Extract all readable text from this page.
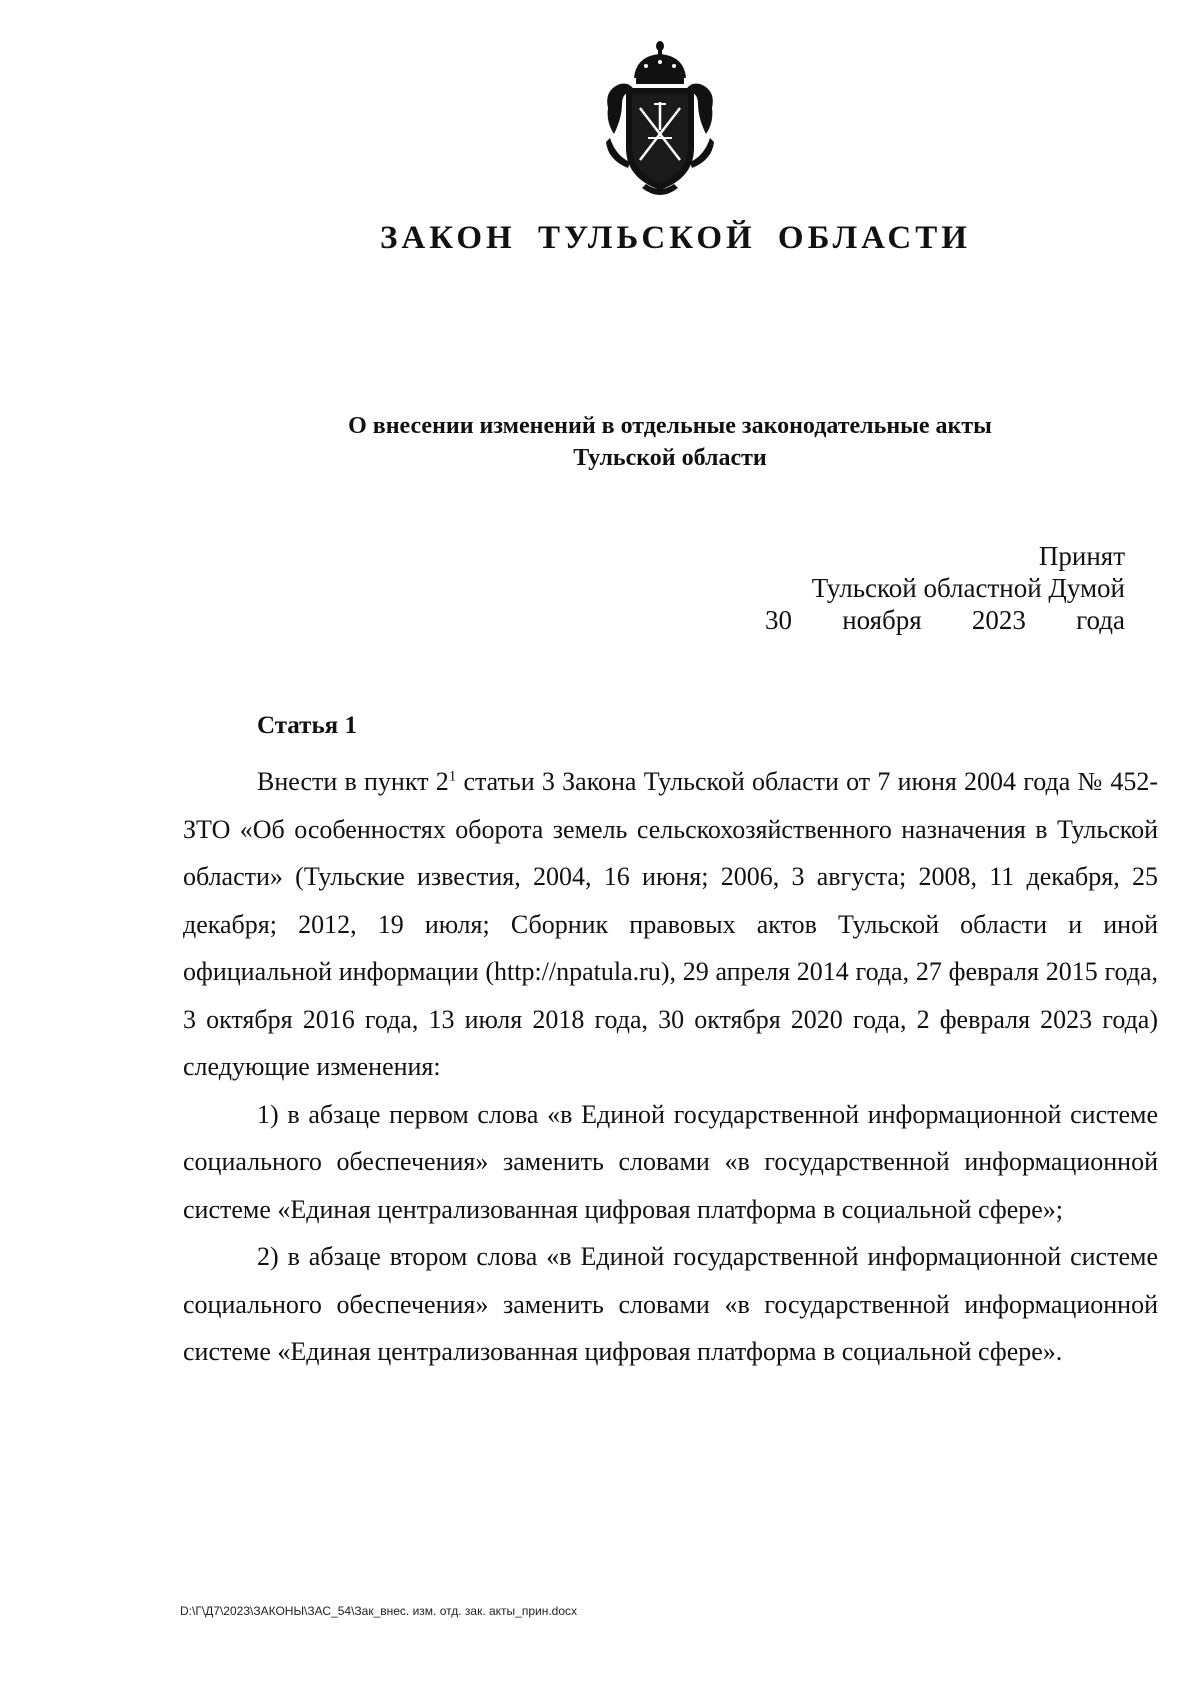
ЗАКОН ТУЛЬСКОЙ ОБЛАСТИ
О внесении изменений в отдельные законодательные акты
Тульской области
Принят
Тульской областной Думой
30 ноября 2023 года
Статья 1

Внести в пункт $2^1$ статьи 3 Закона Тульской области от 7 июня 2004 года № 452-ЗТО «Об особенностях оборота земель сельскохозяйственного назначения в Тульской области» (Тульские известия, 2004, 16 июня; 2006, 3 августа; 2008, 11 декабря, 25 декабря; 2012, 19 июля; Сборник правовых актов Тульской области и иной официальной информации (http://npatula.ru), 29 апреля 2014 года, 27 февраля 2015 года, 3 октября 2016 года, 13 июля 2018 года, 30 октября 2020 года, 2 февраля 2023 года) следующие изменения:

1) в абзаце первом слова «в Единой государственной информационной системе социального обеспечения» заменить словами «в государственной информационной системе «Единая централизованная цифровая платформа в социальной сфере»;

2) в абзаце втором слова «в Единой государственной информационной системе социального обеспечения» заменить словами «в государственной информационной системе «Единая централизованная цифровая платформа в социальной сфере».

D:\Г\Д7\2023\ЗАКОНЫ\ЗАС_54\Зак_внес. изм. отд. зак. акты_прин.docx
